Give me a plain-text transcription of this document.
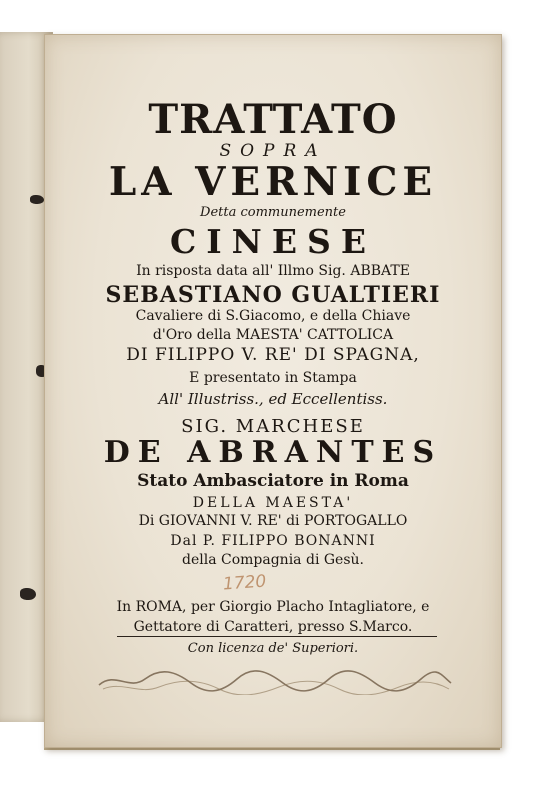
TRATTATO
SOPRA
LA VERNICE
Detta communemente
CINESE
In risposta data all' Illmo Sig. ABBATE
SEBASTIANO GUALTIERI
Cavaliere di S.Giacomo, e della Chiave
d'Oro della MAESTA' CATTOLICA
DI FILIPPO V. RE' DI SPAGNA,
E presentato in Stampa
All' Illustriss., ed Eccellentiss.
SIG. MARCHESE
DE ABRANTES
Stato Ambasciatore in Roma
DELLA MAESTA'
Di GIOVANNI V. RE' di PORTOGALLO
Dal P. FILIPPO BONANNI
della Compagnia di Gesù.
1720
In ROMA, per Giorgio Placho Intagliatore, e
Gettatore di Caratteri, presso S.Marco.
Con licenza de' Superiori.
